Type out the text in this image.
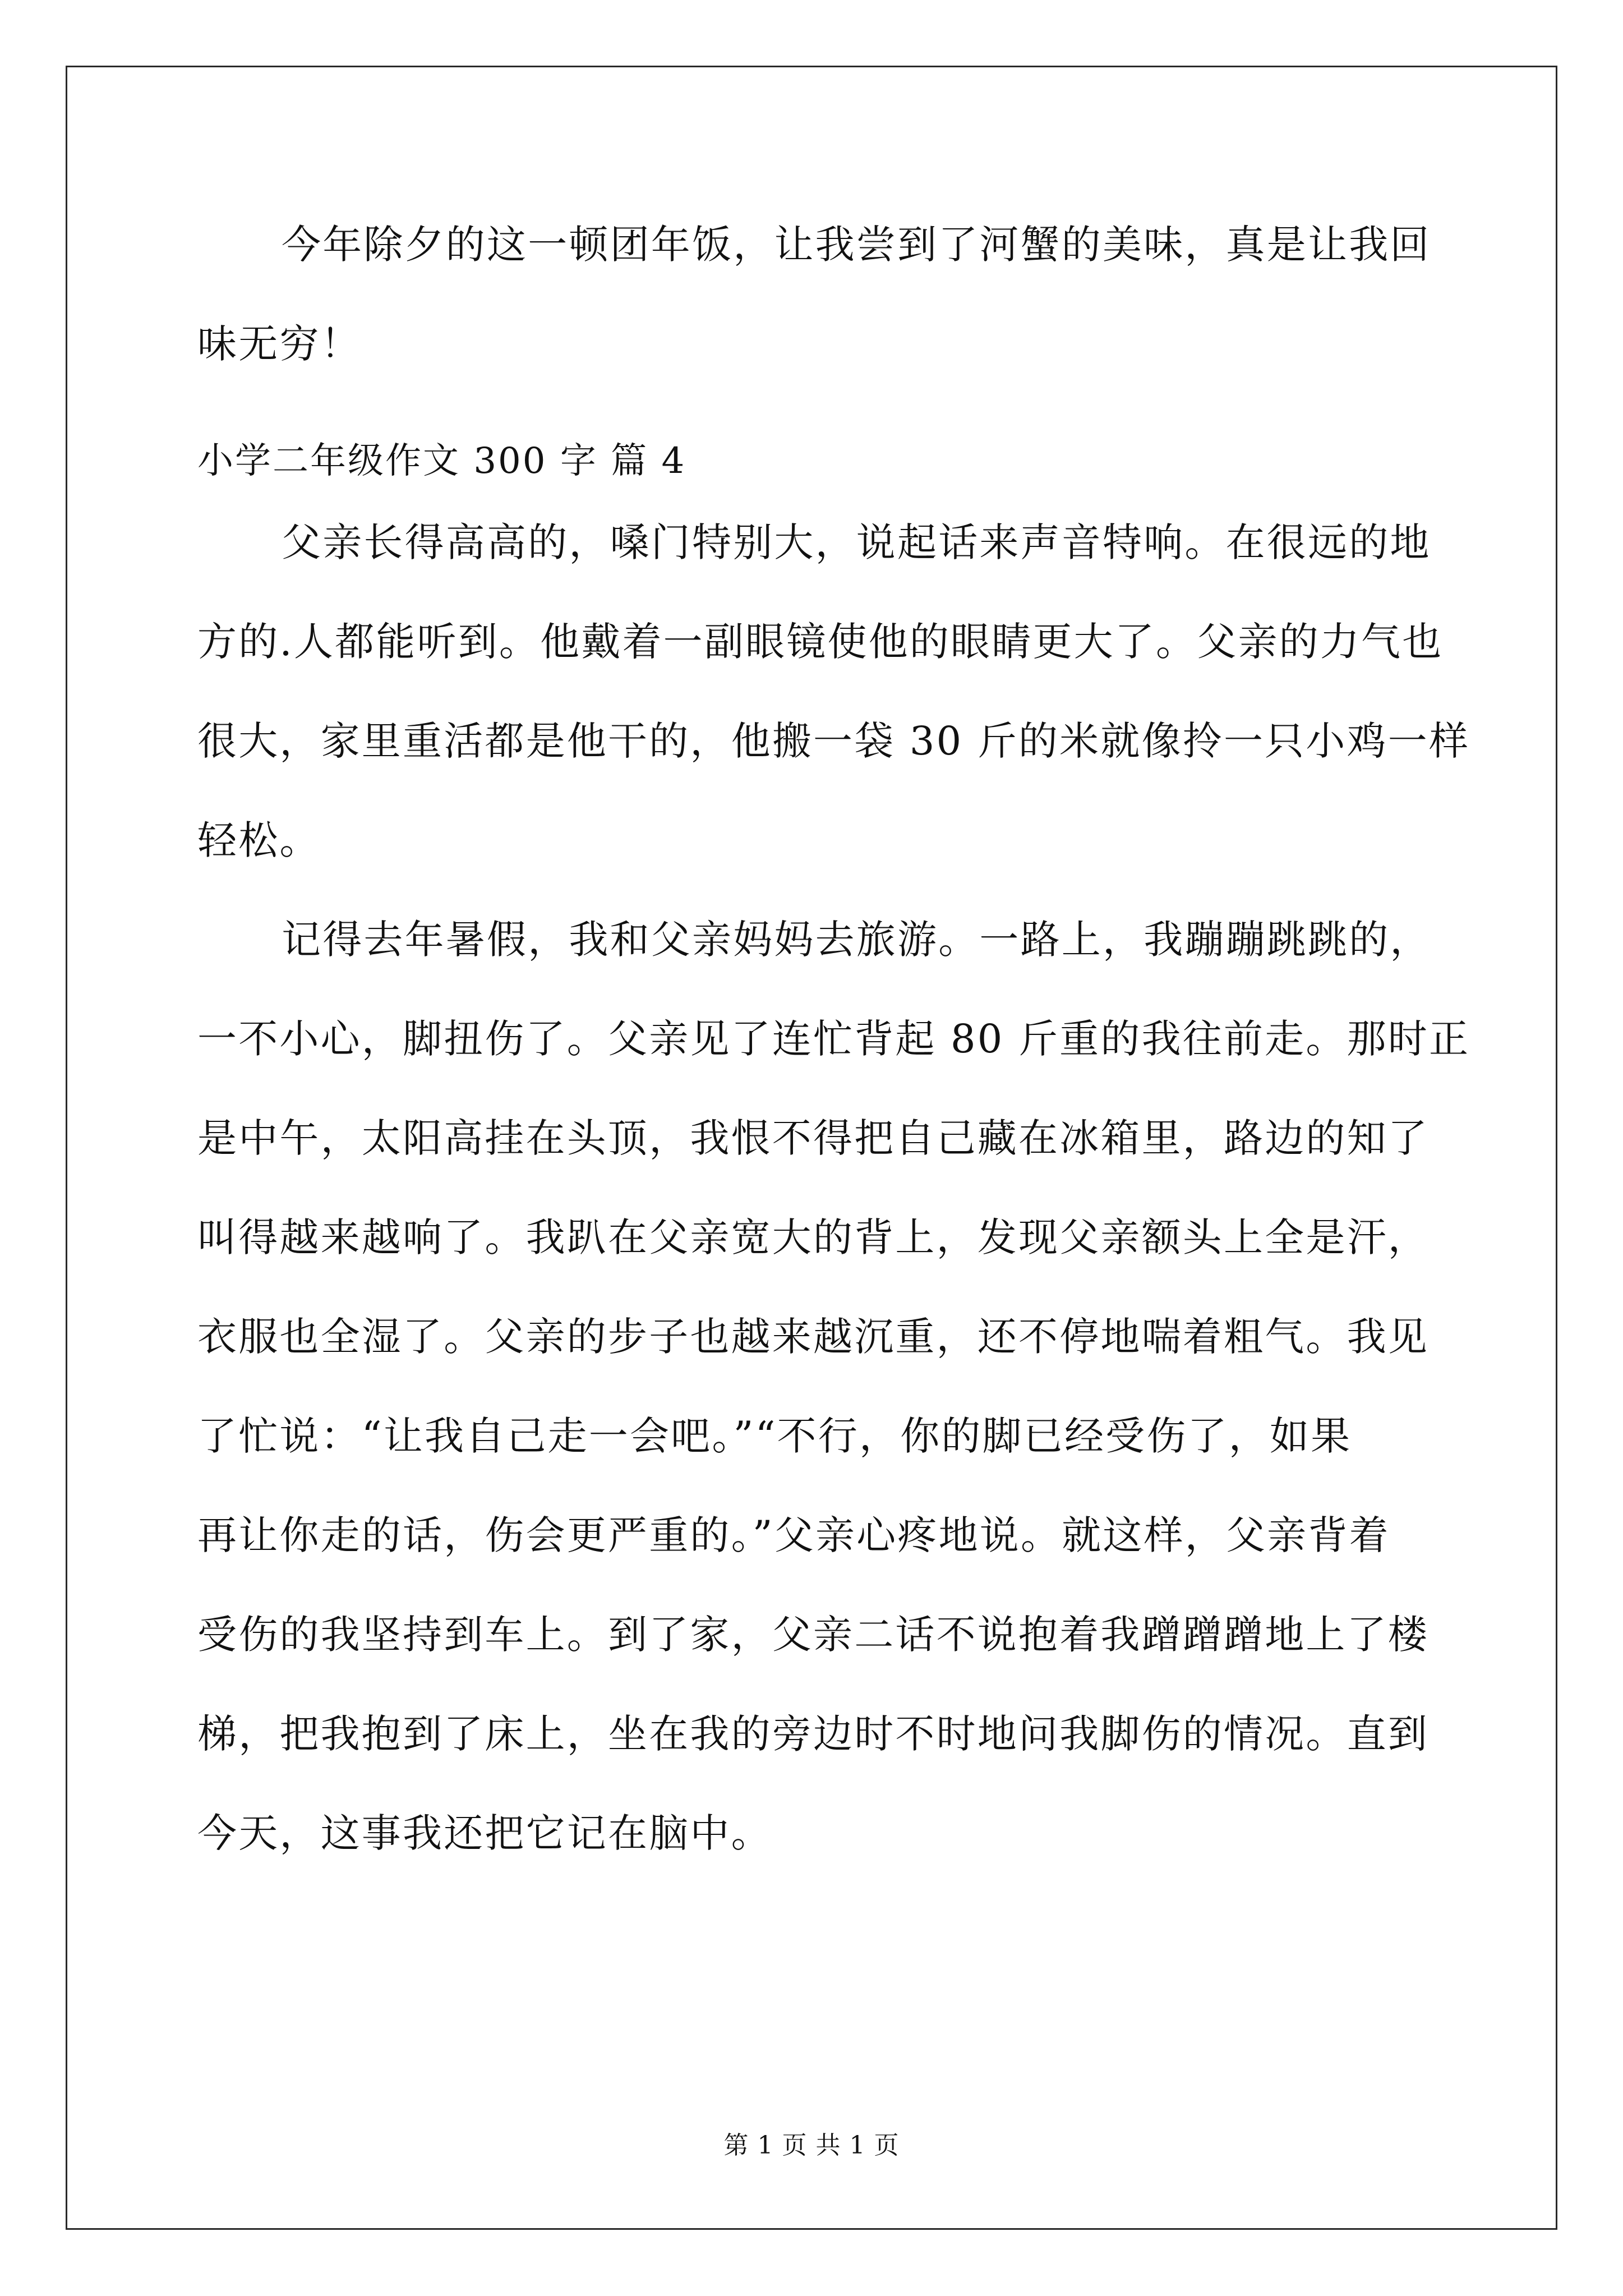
今年除夕的这一顿团年饭，让我尝到了河蟹的美味，真是让我回
味无穷！
小学二年级作文 300 字 篇 4
父亲长得高高的，嗓门特别大，说起话来声音特响。在很远的地
方的.人都能听到。他戴着一副眼镜使他的眼睛更大了。父亲的力气也
很大，家里重活都是他干的，他搬一袋 30 斤的米就像拎一只小鸡一样
轻松。
记得去年暑假，我和父亲妈妈去旅游。一路上，我蹦蹦跳跳的，
一不小心，脚扭伤了。父亲见了连忙背起 80 斤重的我往前走。那时正
是中午，太阳高挂在头顶，我恨不得把自己藏在冰箱里，路边的知了
叫得越来越响了。我趴在父亲宽大的背上，发现父亲额头上全是汗，
衣服也全湿了。父亲的步子也越来越沉重，还不停地喘着粗气。我见
了忙说：“让我自己走一会吧。”“不行，你的脚已经受伤了，如果
再让你走的话，伤会更严重的。”父亲心疼地说。就这样，父亲背着
受伤的我坚持到车上。到了家，父亲二话不说抱着我蹭蹭蹭地上了楼
梯，把我抱到了床上，坐在我的旁边时不时地问我脚伤的情况。直到
今天，这事我还把它记在脑中。
第 1 页 共 1 页
